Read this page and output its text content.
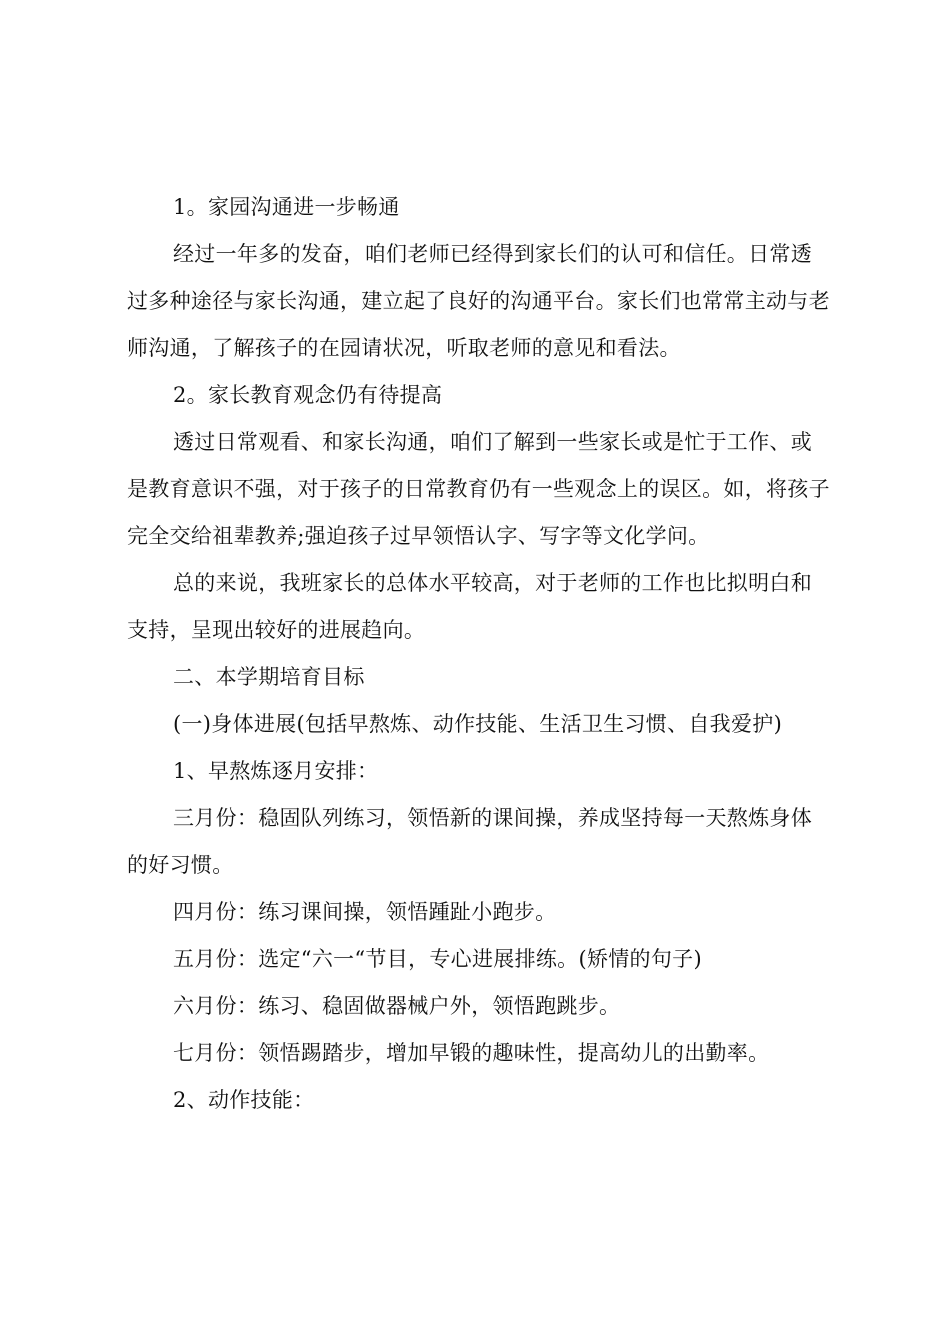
1。家园沟通进一步畅通

经过一年多的发奋，咱们老师已经得到家长们的认可和信任。日常透过多种途径与家长沟通，建立起了良好的沟通平台。家长们也常常主动与老师沟通，了解孩子的在园请状况，听取老师的意见和看法。

2。家长教育观念仍有待提高

透过日常观看、和家长沟通，咱们了解到一些家长或是忙于工作、或是教育意识不强，对于孩子的日常教育仍有一些观念上的误区。如，将孩子完全交给祖辈教养;强迫孩子过早领悟认字、写字等文化学问。

总的来说，我班家长的总体水平较高，对于老师的工作也比拟明白和支持，呈现出较好的进展趋向。

二、本学期培育目标

(一)身体进展(包括早熬炼、动作技能、生活卫生习惯、自我爱护)

1、早熬炼逐月安排：

三月份：稳固队列练习，领悟新的课间操，养成坚持每一天熬炼身体的好习惯。

四月份：练习课间操，领悟踵趾小跑步。

五月份：选定“六一“节目，专心进展排练。(矫情的句子)

六月份：练习、稳固做器械户外，领悟跑跳步。

七月份：领悟踢踏步，增加早锻的趣味性，提高幼儿的出勤率。

2、动作技能：
